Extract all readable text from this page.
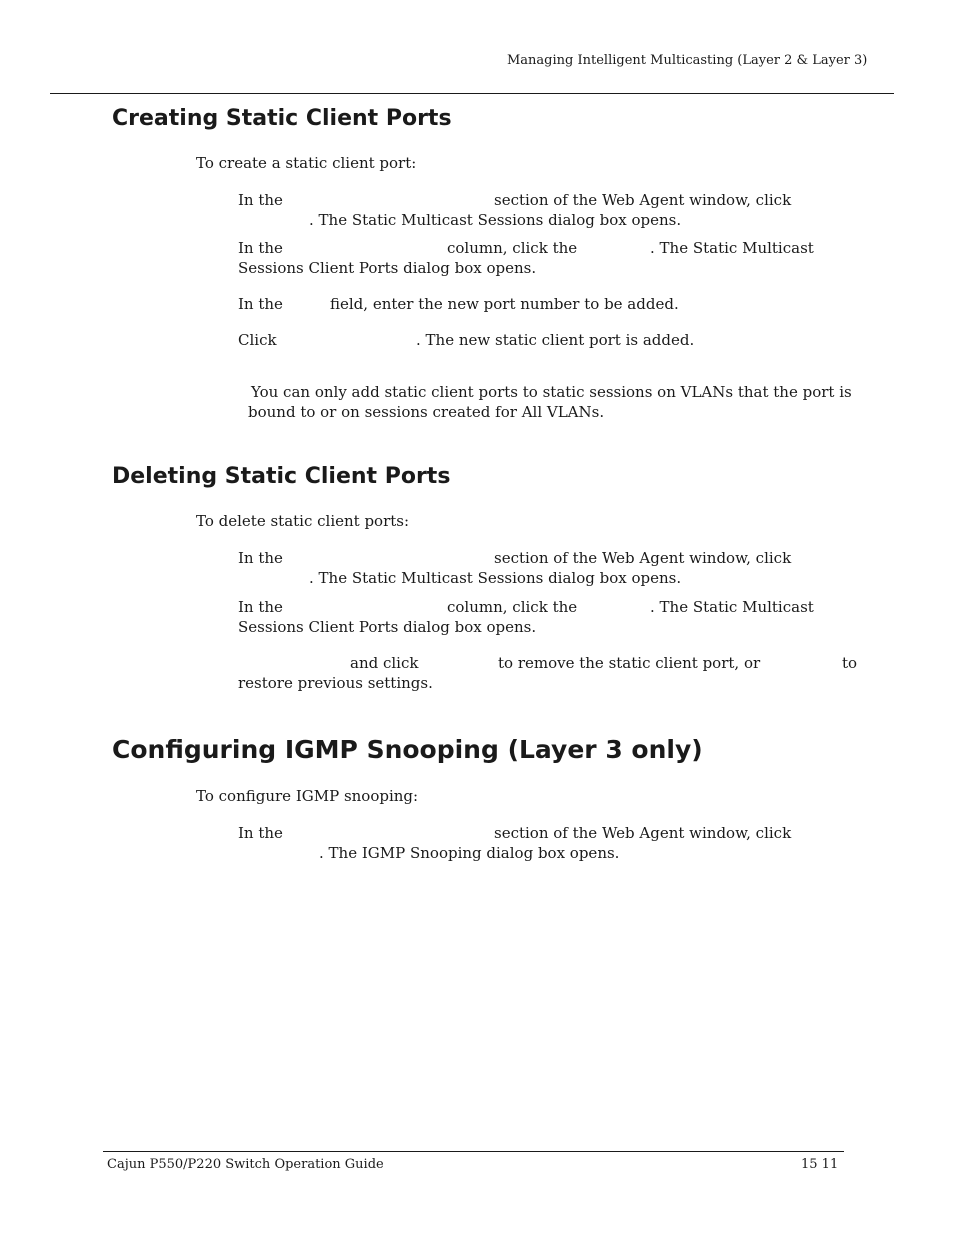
Managing Intelligent Multicasting (Layer 2 & Layer 3)
Creating Static Client Ports
To create a static client port:
In the	section of the Web Agent window, click
. The Static Multicast Sessions dialog box opens.
In the	column, click the	. The Static Multicast
Sessions Client Ports dialog box opens.
In the	field, enter the new port number to be added.
Click	. The new static client port is added.
You can only add static client ports to static sessions on VLANs that the port is
bound to or on sessions created for All VLANs.
Deleting Static Client Ports
To delete static client ports:
In the	section of the Web Agent window, click
. The Static Multicast Sessions dialog box opens.
In the	column, click the	. The Static Multicast
Sessions Client Ports dialog box opens.
and click	to remove the static client port, or	to
restore previous settings.
Configuring IGMP Snooping (Layer 3 only)
To configure IGMP snooping:
In the	section of the Web Agent window, click
. The IGMP Snooping dialog box opens.
Cajun P550/P220 Switch Operation Guide	15 11
